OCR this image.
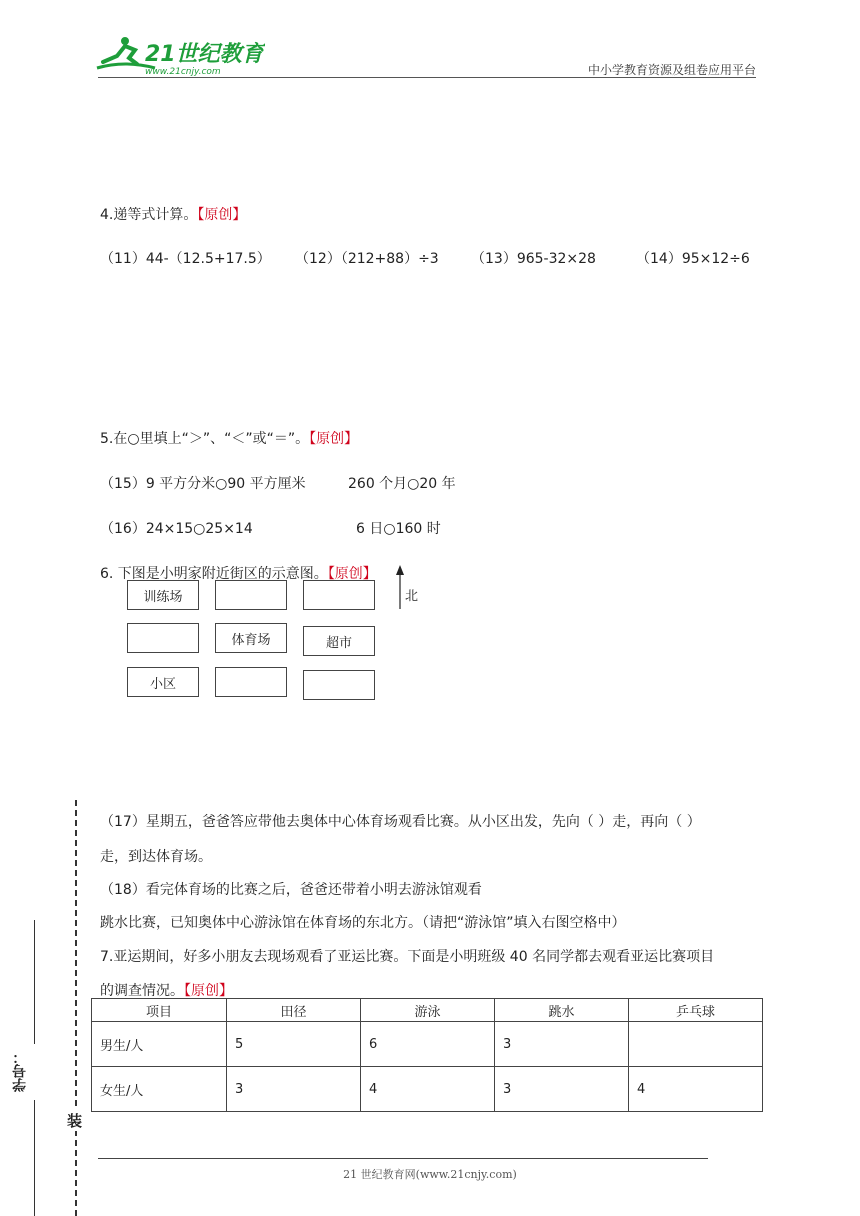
21世纪教育
www.21cnjy.com	中小学教育资源及组卷应用平台
4.递等式计算。【原创】
（11）44-（12.5+17.5） （12）（212+88）÷3 （13）965-32×28	（14）95×12÷6
5.在○里填上“＞”、“＜”或“＝”。【原创】
（15）9 平方分米○90 平方厘米	260 个月○20 年
（16）24×15○25×14	6 日○160 时
6. 下图是小明家附近街区的示意图。【原创】
训练场
体育场	超市
小区
北
（17）星期五，爸爸答应带他去奥体中心体育场观看比赛。从小区出发，先向（ ）走，再向（ ）
走，到达体育场。
（18）看完体育场的比赛之后，爸爸还带着小明去游泳馆观看
跳水比赛，已知奥体中心游泳馆在体育场的东北方。（请把“游泳馆”填入右图空格中）
7.亚运期间，好多小朋友去现场观看了亚运比赛。下面是小明班级 40 名同学都去观看亚运比赛项目
的调查情况。【原创】
项目	田径	游泳	跳水	乒乓球
男生/人	5	6	3	
女生/人	3	4	3	4
学号：
装
21 世纪教育网(www.21cnjy.com)
